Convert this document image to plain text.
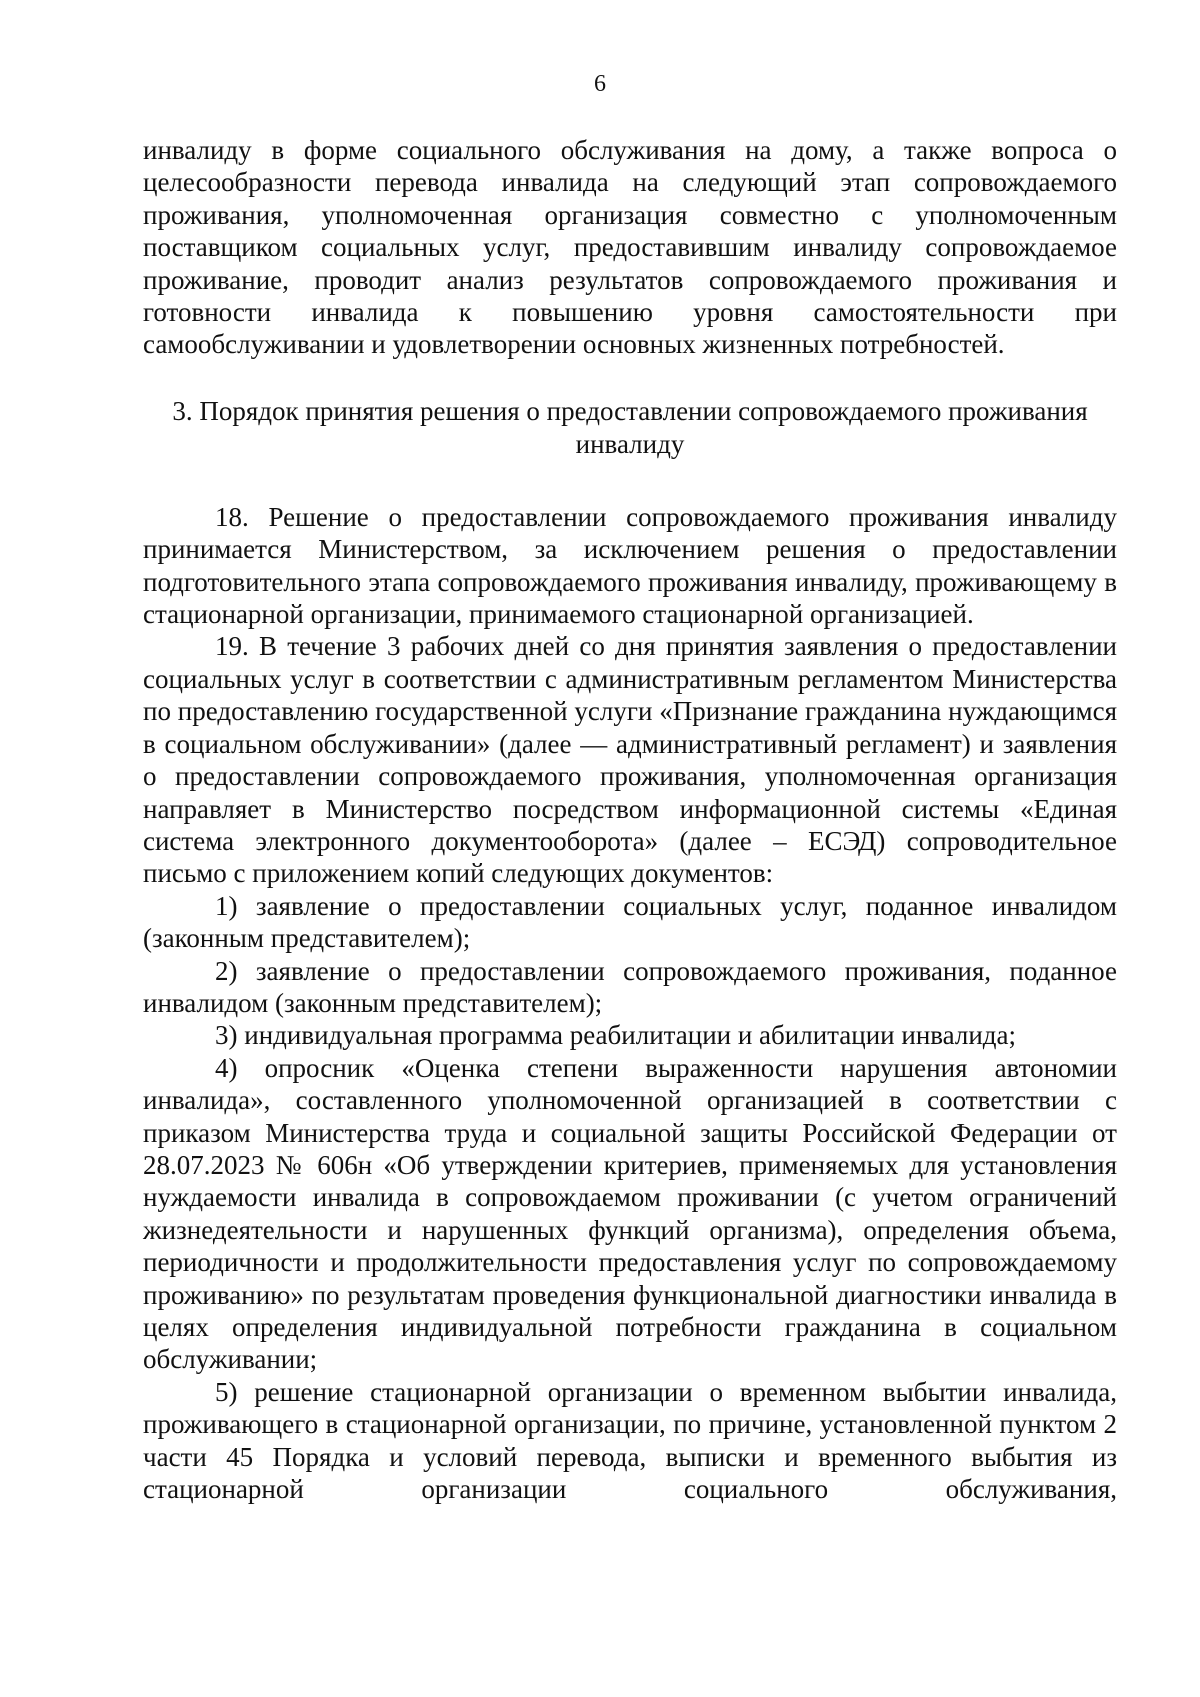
6

инвалиду в форме социального обслуживания на дому, а также вопроса о целесообразности перевода инвалида на следующий этап сопровождаемого проживания, уполномоченная организация совместно с уполномоченным поставщиком социальных услуг, предоставившим инвалиду сопровождаемое проживание, проводит анализ результатов сопровождаемого проживания и готовности инвалида к повышению уровня самостоятельности при самообслуживании и удовлетворении основных жизненных потребностей.

3. Порядок принятия решения о предоставлении сопровождаемого проживания
инвалиду

18. Решение о предоставлении сопровождаемого проживания инвалиду принимается Министерством, за исключением решения о предоставлении подготовительного этапа сопровождаемого проживания инвалиду, проживающему в стационарной организации, принимаемого стационарной организацией.

19. В течение 3 рабочих дней со дня принятия заявления о предоставлении социальных услуг в соответствии с административным регламентом Министерства по предоставлению государственной услуги «Признание гражданина нуждающимся в социальном обслуживании» (далее — административный регламент) и заявления о предоставлении сопровождаемого проживания, уполномоченная организация направляет в Министерство посредством информационной системы «Единая система электронного документооборота» (далее – ЕСЭД) сопроводительное письмо с приложением копий следующих документов:

1) заявление о предоставлении социальных услуг, поданное инвалидом (законным представителем);

2) заявление о предоставлении сопровождаемого проживания, поданное инвалидом (законным представителем);

3) индивидуальная программа реабилитации и абилитации инвалида;

4) опросник «Оценка степени выраженности нарушения автономии инвалида», составленного уполномоченной организацией в соответствии с приказом Министерства труда и социальной защиты Российской Федерации от 28.07.2023 № 606н «Об утверждении критериев, применяемых для установления нуждаемости инвалида в сопровождаемом проживании (с учетом ограничений жизнедеятельности и нарушенных функций организма), определения объема, периодичности и продолжительности предоставления услуг по сопровождаемому проживанию» по результатам проведения функциональной диагностики инвалида в целях определения индивидуальной потребности гражданина в социальном обслуживании;

5) решение стационарной организации о временном выбытии инвалида, проживающего в стационарной организации, по причине, установленной пунктом 2 части 45 Порядка и условий перевода, выписки и временного выбытия из стационарной организации социального обслуживания,
